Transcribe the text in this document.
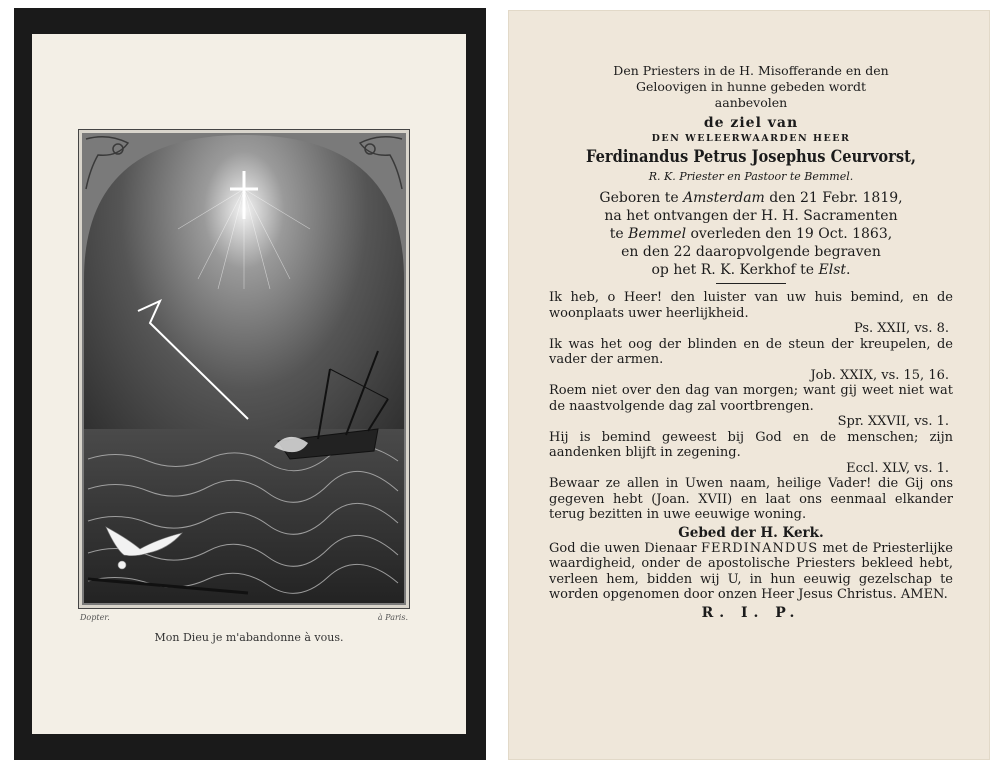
Dopter.	à Paris.
Mon Dieu je m'abandonne à vous.
Den Priesters in de H. Misofferande en den
Geloovigen in hunne gebeden wordt
aanbevolen
de ziel van
DEN WELEERWAARDEN HEER
Ferdinandus Petrus Josephus Ceurvorst,
R. K. Priester en Pastoor te Bemmel.
Geboren te Amsterdam den 21 Febr. 1819,
na het ontvangen der H. H. Sacramenten
te Bemmel overleden den 19 Oct. 1863,
en den 22 daaropvolgende begraven
op het R. K. Kerkhof te Elst.
Ik heb, o Heer! den luister van uw huis bemind, en de woonplaats uwer heerlijkheid.
Ps. XXII, vs. 8.
Ik was het oog der blinden en de steun der kreupelen, de vader der armen.
Job. XXIX, vs. 15, 16.
Roem niet over den dag van morgen; want gij weet niet wat de naastvolgende dag zal voortbrengen.
Spr. XXVII, vs. 1.
Hij is bemind geweest bij God en de menschen; zijn aandenken blijft in zegening.
Eccl. XLV, vs. 1.
Bewaar ze allen in Uwen naam, heilige Vader! die Gij ons gegeven hebt (Joan. XVII) en laat ons eenmaal elkander terug bezitten in uwe eeuwige woning.
Gebed der H. Kerk.
God die uwen Dienaar FERDINANDUS met de Priesterlijke waardigheid, onder de apostolische Priesters bekleed hebt, verleen hem, bidden wij U, in hun eeuwig gezelschap te worden opgenomen door onzen Heer Jesus Christus. AMEN.
R. I. P.
